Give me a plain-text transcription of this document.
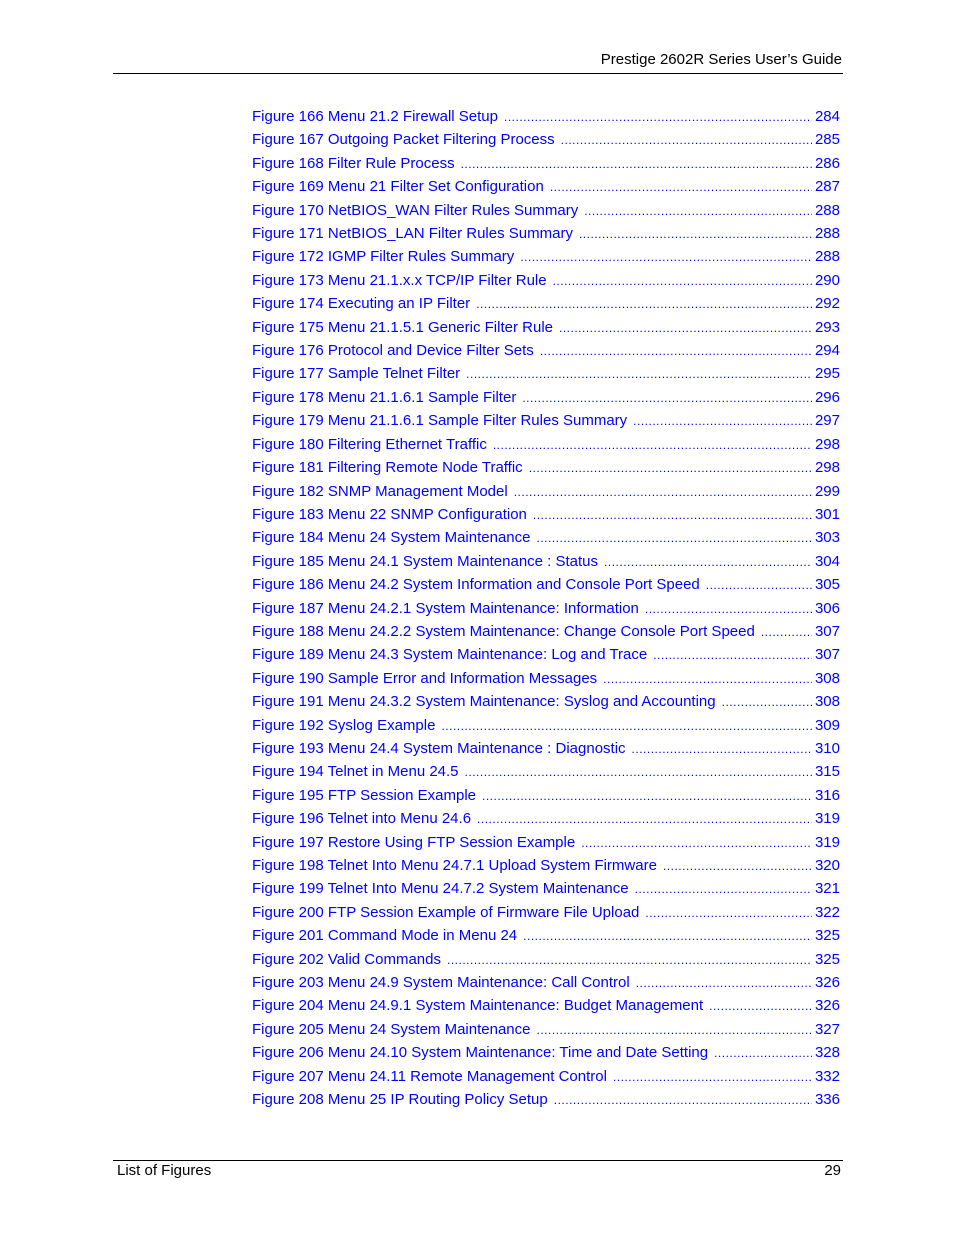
Prestige 2602R Series User’s Guide
Figure 166 Menu 21.2 Firewall Setup .....	284
Figure 167 Outgoing Packet Filtering Process .....	285
Figure 168 Filter Rule Process .....	286
Figure 169 Menu 21 Filter Set Configuration .....	287
Figure 170 NetBIOS_WAN Filter Rules Summary .....	288
Figure 171 NetBIOS_LAN Filter Rules Summary .....	288
Figure 172 IGMP Filter Rules Summary .....	288
Figure 173 Menu 21.1.x.x TCP/IP Filter Rule .....	290
Figure 174 Executing an IP Filter .....	292
Figure 175 Menu 21.1.5.1 Generic Filter Rule .....	293
Figure 176 Protocol and Device Filter Sets .....	294
Figure 177 Sample Telnet Filter .....	295
Figure 178 Menu 21.1.6.1 Sample Filter .....	296
Figure 179 Menu 21.1.6.1 Sample Filter Rules Summary .....	297
Figure 180 Filtering Ethernet Traffic .....	298
Figure 181 Filtering Remote Node Traffic .....	298
Figure 182 SNMP Management Model .....	299
Figure 183 Menu 22 SNMP Configuration .....	301
Figure 184 Menu 24 System Maintenance .....	303
Figure 185 Menu 24.1 System Maintenance : Status .....	304
Figure 186 Menu 24.2 System Information and Console Port Speed .....	305
Figure 187 Menu 24.2.1 System Maintenance: Information .....	306
Figure 188 Menu 24.2.2 System Maintenance: Change Console Port Speed .....	307
Figure 189 Menu 24.3 System Maintenance: Log and Trace .....	307
Figure 190 Sample Error and Information Messages .....	308
Figure 191 Menu 24.3.2 System Maintenance: Syslog and Accounting .....	308
Figure 192 Syslog Example .....	309
Figure 193 Menu 24.4 System Maintenance : Diagnostic .....	310
Figure 194 Telnet in Menu 24.5 .....	315
Figure 195 FTP Session Example .....	316
Figure 196 Telnet into Menu 24.6 .....	319
Figure 197 Restore Using FTP Session Example .....	319
Figure 198 Telnet Into Menu 24.7.1 Upload System Firmware .....	320
Figure 199 Telnet Into Menu 24.7.2 System Maintenance .....	321
Figure 200 FTP Session Example of Firmware File Upload .....	322
Figure 201 Command Mode in Menu 24 .....	325
Figure 202 Valid Commands .....	325
Figure 203 Menu 24.9 System Maintenance: Call Control .....	326
Figure 204 Menu 24.9.1 System Maintenance: Budget Management .....	326
Figure 205 Menu 24 System Maintenance .....	327
Figure 206 Menu 24.10 System Maintenance: Time and Date Setting .....	328
Figure 207 Menu 24.11 Remote Management Control .....	332
Figure 208 Menu 25 IP Routing Policy Setup .....	336
List of Figures	29
